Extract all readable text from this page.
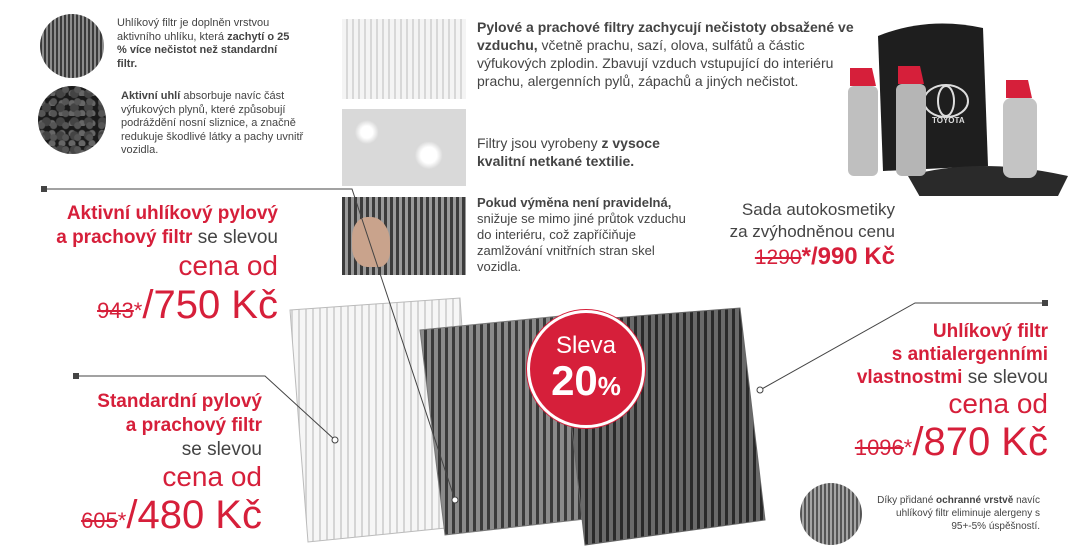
Uhlíkový filtr je doplněn vrstvou aktivního uhlíku, která zachytí o 25 % více nečistot než standardní filtr.
Aktivní uhlí absorbuje navíc část výfukových plynů, které způsobují podráždění nosní sliznice, a značně redukuje škodlivé látky a pachy uvnitř vozidla.
Pylové a prachové filtry zachycují nečistoty obsažené ve vzduchu, včetně prachu, sazí, olova, sulfátů a částic výfukových zplodin. Zbavují vzduch vstupující do interiéru prachu, alergenních pylů, zápachů a jiných nečistot.
Filtry jsou vyrobeny z vysoce kvalitní netkané textilie.
Pokud výměna není pravidelná, snižuje se mimo jiné průtok vzduchu do interiéru, což zapříčiňuje zamlžování vnitřních stran skel vozidla.
TOYOTA
Sada autokosmetiky
za zvýhodněnou cenu
1290*/990 Kč
Aktivní uhlíkový pylový
a prachový filtr se slevou
cena od
943*/750 Kč
Standardní pylový
a prachový filtr
se slevou
cena od
605*/480 Kč
Uhlíkový filtr
s antialergenními
vlastnostmi se slevou
cena od
1096*/870 Kč
Sleva
20%
Díky přidané ochranné vrstvě navíc uhlíkový filtr eliminuje alergeny s 95+-5% úspěšností.
